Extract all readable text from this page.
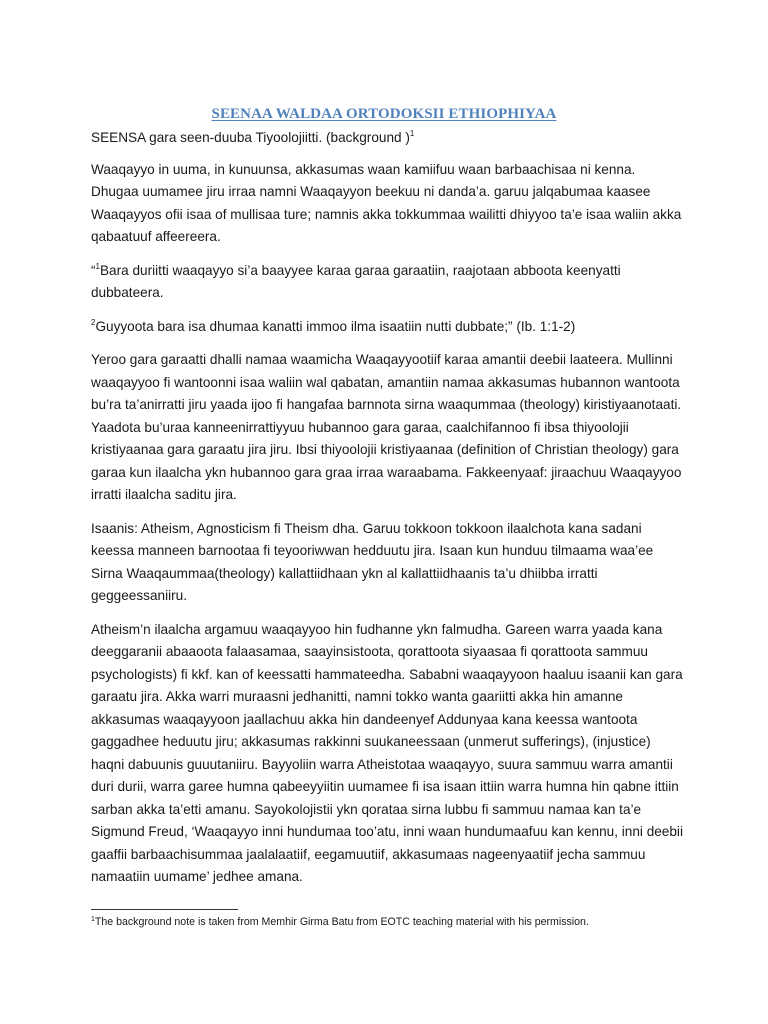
SEENAA WALDAA ORTODOKSII ETHIOPHIYAA

SEENSA gara seen-duuba Tiyoolojiitti. (background )$^1$

Waaqayyo in uuma, in kunuunsa, akkasumas waan kamiifuu waan barbaachisaa ni kenna. Dhugaa uumamee jiru irraa namni Waaqayyon beekuu ni danda’a. garuu jalqabumaa kaasee Waaqayyos ofii isaa of mullisaa ture; namnis akka tokkummaa wailitti dhiyyoo ta’e isaa waliin akka qabaatuuf affeereera.

“$^1$Bara duriitti waaqayyo si’a baayyee karaa garaa garaatiin, raajotaan abboota keenyatti dubbateera.

$^2$Guyyoota bara isa dhumaa kanatti immoo ilma isaatiin nutti dubbate;” (Ib. 1:1-2)

Yeroo gara garaatti dhalli namaa waamicha Waaqayyootiif karaa amantii deebii laateera. Mullinni waaqayyoo fi wantoonni isaa waliin wal qabatan, amantiin namaa akkasumas hubannon wantoota bu’ra ta’anirratti jiru yaada ijoo fi hangafaa barnnota sirna waaqummaa (theology) kiristiyaanotaati. Yaadota bu’uraa kanneenirrattiyyuu hubannoo gara garaa, caalchifannoo fi ibsa thiyoolojii kristiyaanaa gara garaatu jira jiru. Ibsi thiyoolojii kristiyaanaa (definition of Christian theology) gara garaa kun ilaalcha ykn hubannoo gara graa irraa waraabama. Fakkeenyaaf: jiraachuu Waaqayyoo irratti ilaalcha saditu jira.

Isaanis: Atheism, Agnosticism fi Theism dha. Garuu tokkoon tokkoon ilaalchota kana sadani keessa manneen barnootaa fi teyooriwwan hedduutu jira. Isaan kun hunduu tilmaama waa’ee Sirna Waaqaummaa(theology) kallattiidhaan ykn al kallattiidhaanis ta’u dhiibba irratti geggeessaniiru.

Atheism’n ilaalcha argamuu waaqayyoo hin fudhanne ykn falmudha. Gareen warra yaada kana deeggaranii abaaoota falaasamaa, saayinsistoota, qorattoota siyaasaa fi qorattoota sammuu psychologists) fi kkf. kan of keessatti hammateedha. Sababni waaqayyoon haaluu isaanii kan gara garaatu jira. Akka warri muraasni jedhanitti, namni tokko wanta gaariitti akka hin amanne akkasumas waaqayyoon jaallachuu akka hin dandeenyef Addunyaa kana keessa wantoota gaggadhee heduutu jiru; akkasumas rakkinni suukaneessaan (unmerut sufferings), (injustice) haqni dabuunis guuutaniiru. Bayyoliin warra Atheistotaa waaqayyo, suura sammuu warra amantii duri durii, warra garee humna qabeeyyiitin uumamee fi isa isaan ittiin warra humna hin qabne ittiin sarban akka ta’etti amanu. Sayokolojistii ykn qorataa sirna lubbu fi sammuu namaa kan ta’e Sigmund Freud, ‘Waaqayyo inni hundumaa too’atu, inni waan hundumaafuu kan kennu, inni deebii gaaffii barbaachisummaa jaalalaatiif, eegamuutiif, akkasumaas nageenyaatiif jecha sammuu namaatiin uumame’ jedhee amana.

$^1$The background note is taken from Memhir Girma Batu from EOTC teaching material with his permission.
